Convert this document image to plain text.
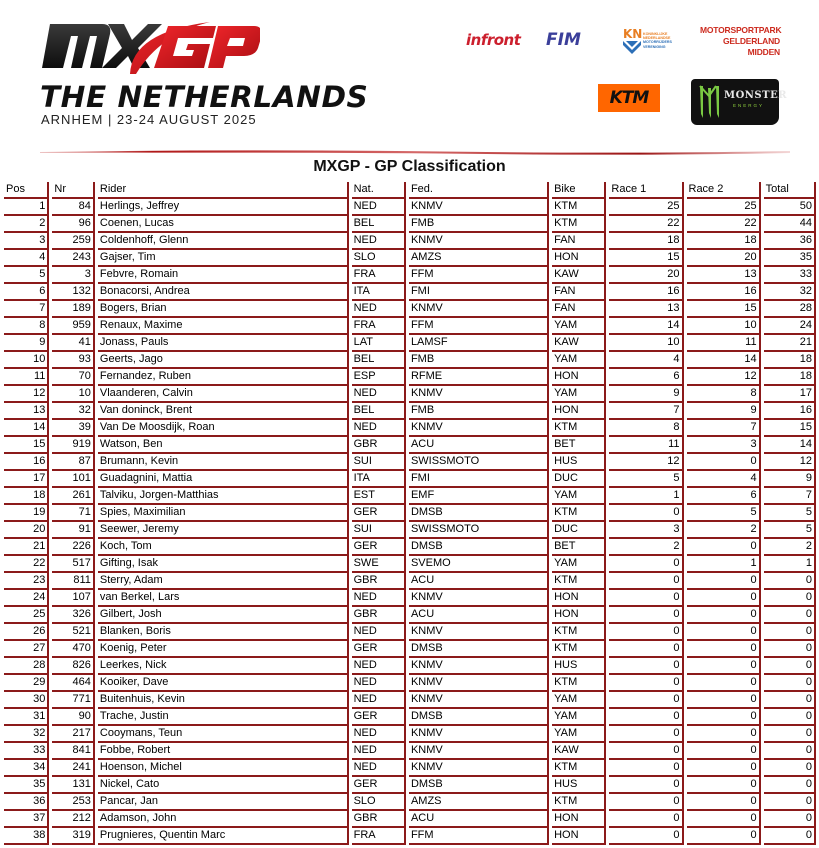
THE NETHERLANDS
ARNHEM | 23-24 AUGUST 2025
infront FIM	KN KONINKLIJKE
NEDERLANDSE
MOTORRIJDERS
VERENIGING
MOTORSPORTPARK
GELDERLAND
MIDDEN
KTM	MONSTER
ENERGY
MXGP - GP Classification
Pos	Nr	Rider	Nat.	Fed.	Bike	Race 1	Race 2	Total
1	84	Herlings, Jeffrey	NED	KNMV	KTM	25	25	50
2	96	Coenen, Lucas	BEL	FMB	KTM	22	22	44
3	259	Coldenhoff, Glenn	NED	KNMV	FAN	18	18	36
4	243	Gajser, Tim	SLO	AMZS	HON	15	20	35
5	3	Febvre, Romain	FRA	FFM	KAW	20	13	33
6	132	Bonacorsi, Andrea	ITA	FMI	FAN	16	16	32
7	189	Bogers, Brian	NED	KNMV	FAN	13	15	28
8	959	Renaux, Maxime	FRA	FFM	YAM	14	10	24
9	41	Jonass, Pauls	LAT	LAMSF	KAW	10	11	21
10	93	Geerts, Jago	BEL	FMB	YAM	4	14	18
11	70	Fernandez, Ruben	ESP	RFME	HON	6	12	18
12	10	Vlaanderen, Calvin	NED	KNMV	YAM	9	8	17
13	32	Van doninck, Brent	BEL	FMB	HON	7	9	16
14	39	Van De Moosdijk, Roan	NED	KNMV	KTM	8	7	15
15	919	Watson, Ben	GBR	ACU	BET	11	3	14
16	87	Brumann, Kevin	SUI	SWISSMOTO	HUS	12	0	12
17	101	Guadagnini, Mattia	ITA	FMI	DUC	5	4	9
18	261	Talviku, Jorgen-Matthias	EST	EMF	YAM	1	6	7
19	71	Spies, Maximilian	GER	DMSB	KTM	0	5	5
20	91	Seewer, Jeremy	SUI	SWISSMOTO	DUC	3	2	5
21	226	Koch, Tom	GER	DMSB	BET	2	0	2
22	517	Gifting, Isak	SWE	SVEMO	YAM	0	1	1
23	811	Sterry, Adam	GBR	ACU	KTM	0	0	0
24	107	van Berkel, Lars	NED	KNMV	HON	0	0	0
25	326	Gilbert, Josh	GBR	ACU	HON	0	0	0
26	521	Blanken, Boris	NED	KNMV	KTM	0	0	0
27	470	Koenig, Peter	GER	DMSB	KTM	0	0	0
28	826	Leerkes, Nick	NED	KNMV	HUS	0	0	0
29	464	Kooiker, Dave	NED	KNMV	KTM	0	0	0
30	771	Buitenhuis, Kevin	NED	KNMV	YAM	0	0	0
31	90	Trache, Justin	GER	DMSB	YAM	0	0	0
32	217	Cooymans, Teun	NED	KNMV	YAM	0	0	0
33	841	Fobbe, Robert	NED	KNMV	KAW	0	0	0
34	241	Hoenson, Michel	NED	KNMV	KTM	0	0	0
35	131	Nickel, Cato	GER	DMSB	HUS	0	0	0
36	253	Pancar, Jan	SLO	AMZS	KTM	0	0	0
37	212	Adamson, John	GBR	ACU	HON	0	0	0
38	319	Prugnieres, Quentin Marc	FRA	FFM	HON	0	0	0
